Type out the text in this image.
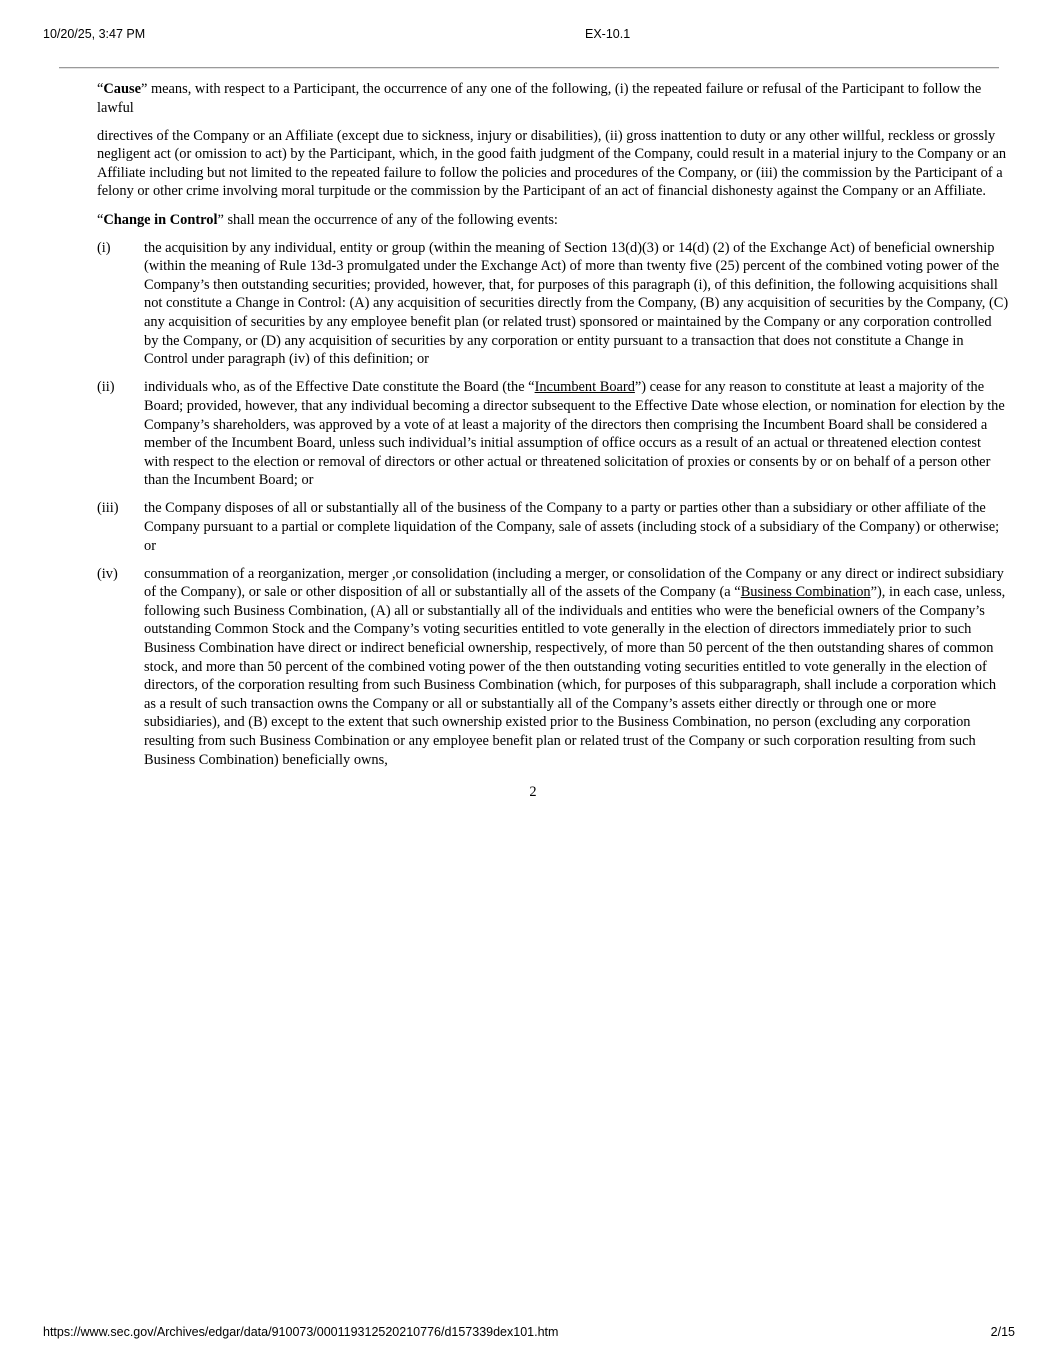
10/20/25, 3:47 PM	EX-10.1

“Cause” means, with respect to a Participant, the occurrence of any one of the following, (i) the repeated failure or refusal of the Participant to follow the lawful

directives of the Company or an Affiliate (except due to sickness, injury or disabilities), (ii) gross inattention to duty or any other willful, reckless or grossly negligent act (or omission to act) by the Participant, which, in the good faith judgment of the Company, could result in a material injury to the Company or an Affiliate including but not limited to the repeated failure to follow the policies and procedures of the Company, or (iii) the commission by the Participant of a felony or other crime involving moral turpitude or the commission by the Participant of an act of financial dishonesty against the Company or an Affiliate.

“Change in Control” shall mean the occurrence of any of the following events:

(i)	the acquisition by any individual, entity or group (within the meaning of Section 13(d)(3) or 14(d) (2) of the Exchange Act) of beneficial ownership (within the meaning of Rule 13d-3 promulgated under the Exchange Act) of more than twenty five (25) percent of the combined voting power of the Company’s then outstanding securities; provided, however, that, for purposes of this paragraph (i), of this definition, the following acquisitions shall not constitute a Change in Control: (A) any acquisition of securities directly from the Company, (B) any acquisition of securities by the Company, (C) any acquisition of securities by any employee benefit plan (or related trust) sponsored or maintained by the Company or any corporation controlled by the Company, or (D) any acquisition of securities by any corporation or entity pursuant to a transaction that does not constitute a Change in Control under paragraph (iv) of this definition; or
(ii)	individuals who, as of the Effective Date constitute the Board (the “Incumbent Board”) cease for any reason to constitute at least a majority of the Board; provided, however, that any individual becoming a director subsequent to the Effective Date whose election, or nomination for election by the Company’s shareholders, was approved by a vote of at least a majority of the directors then comprising the Incumbent Board shall be considered a member of the Incumbent Board, unless such individual’s initial assumption of office occurs as a result of an actual or threatened election contest with respect to the election or removal of directors or other actual or threatened solicitation of proxies or consents by or on behalf of a person other than the Incumbent Board; or
(iii)	the Company disposes of all or substantially all of the business of the Company to a party or parties other than a subsidiary or other affiliate of the Company pursuant to a partial or complete liquidation of the Company, sale of assets (including stock of a subsidiary of the Company) or otherwise; or
(iv)	consummation of a reorganization, merger ,or consolidation (including a merger, or consolidation of the Company or any direct or indirect subsidiary of the Company), or sale or other disposition of all or substantially all of the assets of the Company (a “Business Combination”), in each case, unless, following such Business Combination, (A) all or substantially all of the individuals and entities who were the beneficial owners of the Company’s outstanding Common Stock and the Company’s voting securities entitled to vote generally in the election of directors immediately prior to such Business Combination have direct or indirect beneficial ownership, respectively, of more than 50 percent of the then outstanding shares of common stock, and more than 50 percent of the combined voting power of the then outstanding voting securities entitled to vote generally in the election of directors, of the corporation resulting from such Business Combination (which, for purposes of this subparagraph, shall include a corporation which as a result of such transaction owns the Company or all or substantially all of the Company’s assets either directly or through one or more subsidiaries), and (B) except to the extent that such ownership existed prior to the Business Combination, no person (excluding any corporation resulting from such Business Combination or any employee benefit plan or related trust of the Company or such corporation resulting from such Business Combination) beneficially owns,
2
https://www.sec.gov/Archives/edgar/data/910073/000119312520210776/d157339dex101.htm	2/15
